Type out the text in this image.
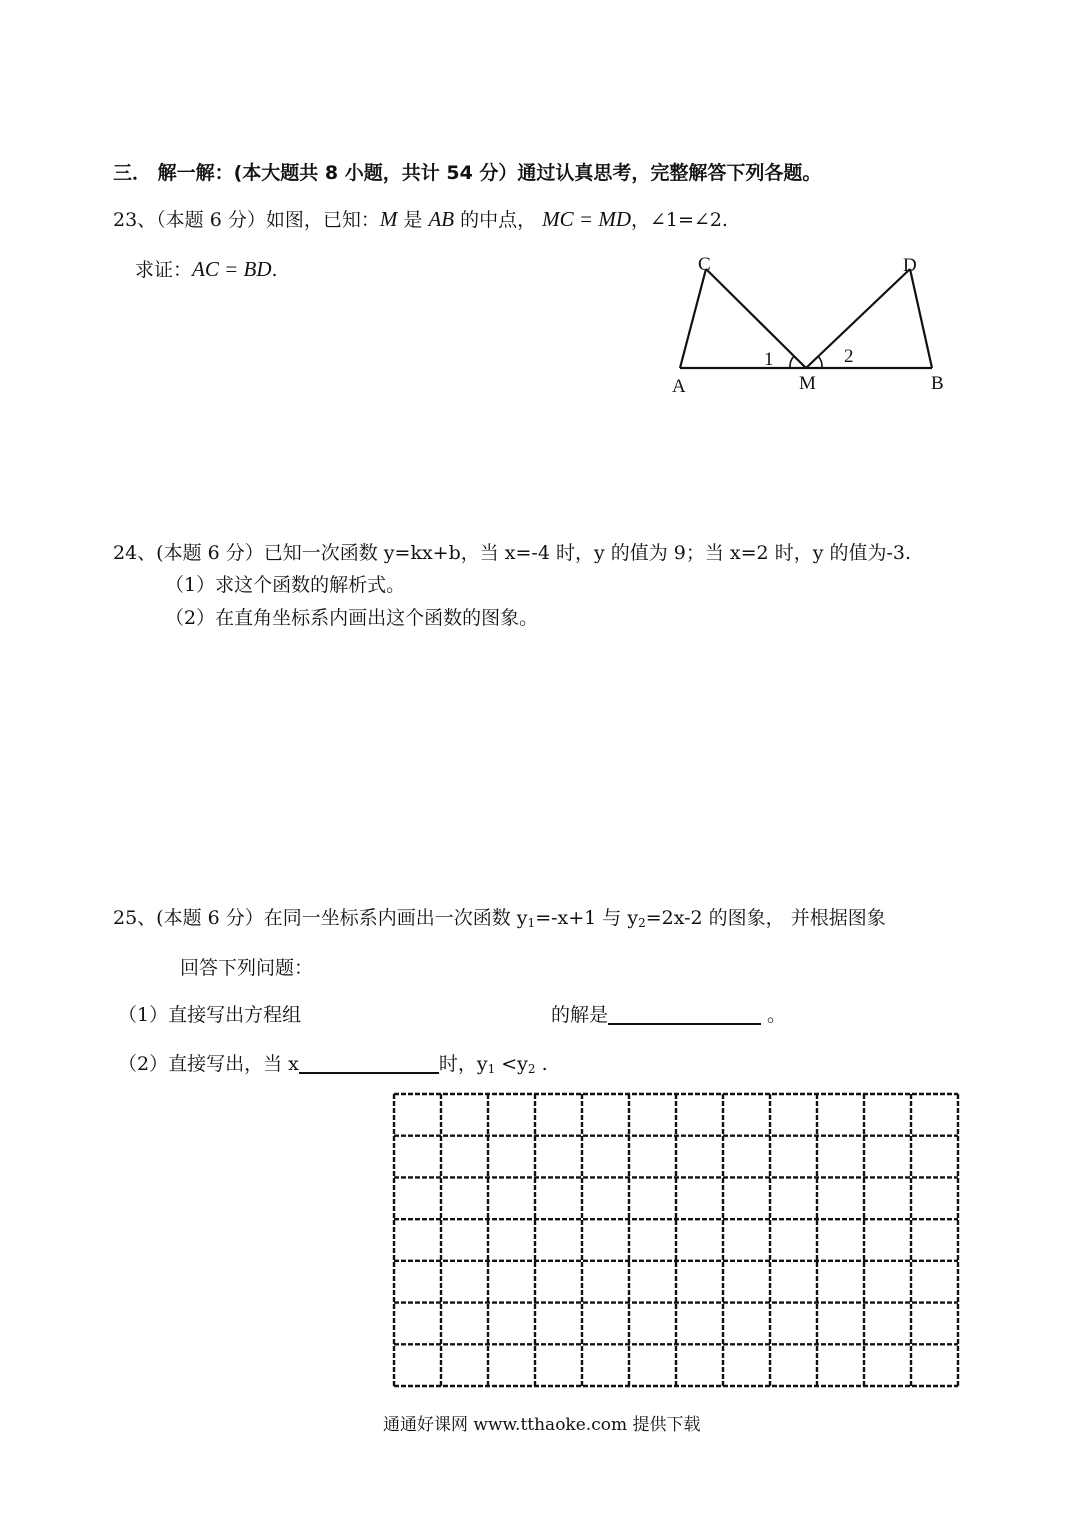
三． 解一解：(本大题共 8 小题，共计 54 分）通过认真思考，完整解答下列各题。
23、（本题 6 分）如图，已知：M 是 AB 的中点， MC = MD，∠1=∠2.
求证：AC = BD.	C	D
A	M	B
1	2
24、(本题 6 分）已知一次函数 y=kx+b，当 x=-4 时，y 的值为 9；当 x=2 时，y 的值为-3.
（1）求这个函数的解析式。
（2）在直角坐标系内画出这个函数的图象。
25、(本题 6 分）在同一坐标系内画出一次函数 $y_1=-x+1$ 与 $y_2=2x-2$ 的图象， 并根据图象
回答下列问题：
（1）直接写出方程组	的解是	。
（2）直接写出，当 x	时，$y_1 <y_2$ .
通通好课网 www.tthaoke.com 提供下载
